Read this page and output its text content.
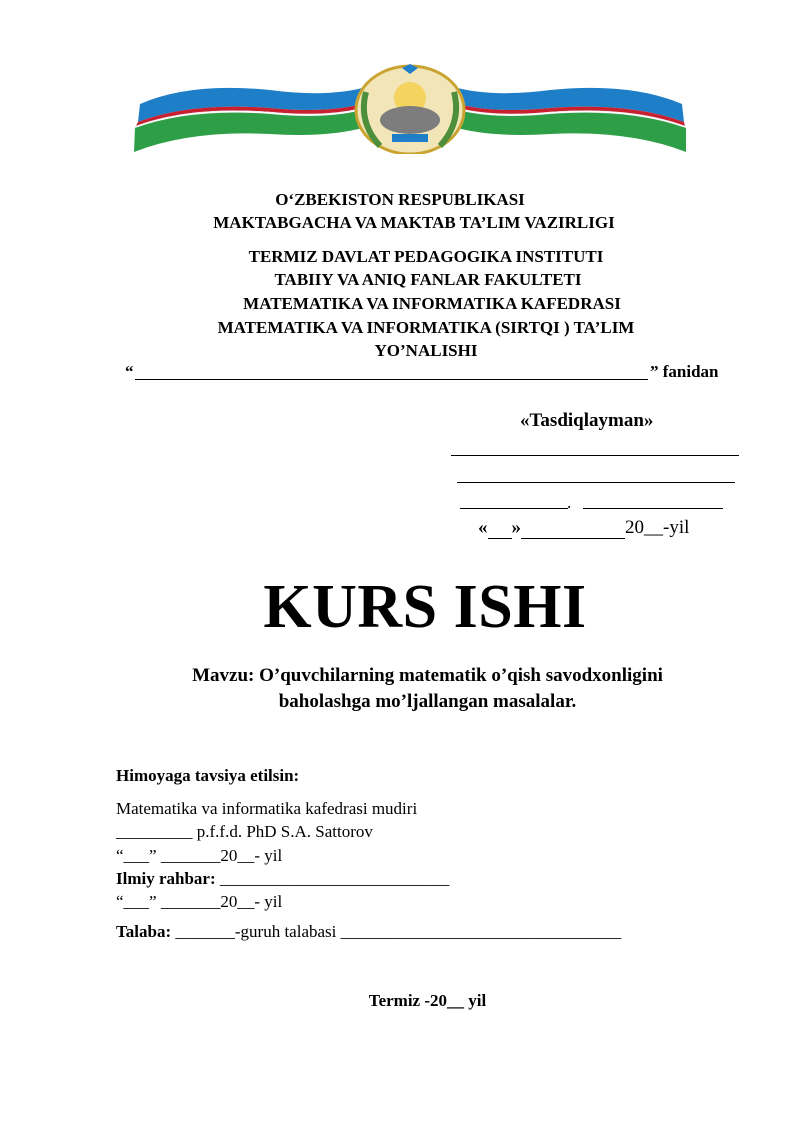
O‘ZBEKISTON RESPUBLIKASI
MAKTABGACHA VA MAKTAB TA’LIM VAZIRLIGI
TERMIZ DAVLAT PEDAGOGIKA INSTITUTI
TABIIY VA ANIQ FANLAR FAKULTETI
MATEMATIKA VA INFORMATIKA KAFEDRASI
MATEMATIKA VA INFORMATIKA (SIRTQI ) TA’LIM
YO’NALISHI
“	” fanidan
«Tasdiqlayman»
.
« »	20__-yil
KURS ISHI
Mavzu: O’quvchilarning matematik o’qish savodxonligini
baholashga mo’ljallangan masalalar.
Himoyaga tavsiya etilsin:
Matematika va informatika kafedrasi mudiri
_________ p.f.f.d. PhD S.A. Sattorov
“___” _______20__- yil
Ilmiy rahbar: ___________________________
“___” _______20__- yil
Talaba: _______-guruh talabasi _________________________________
Termiz -20__ yil
